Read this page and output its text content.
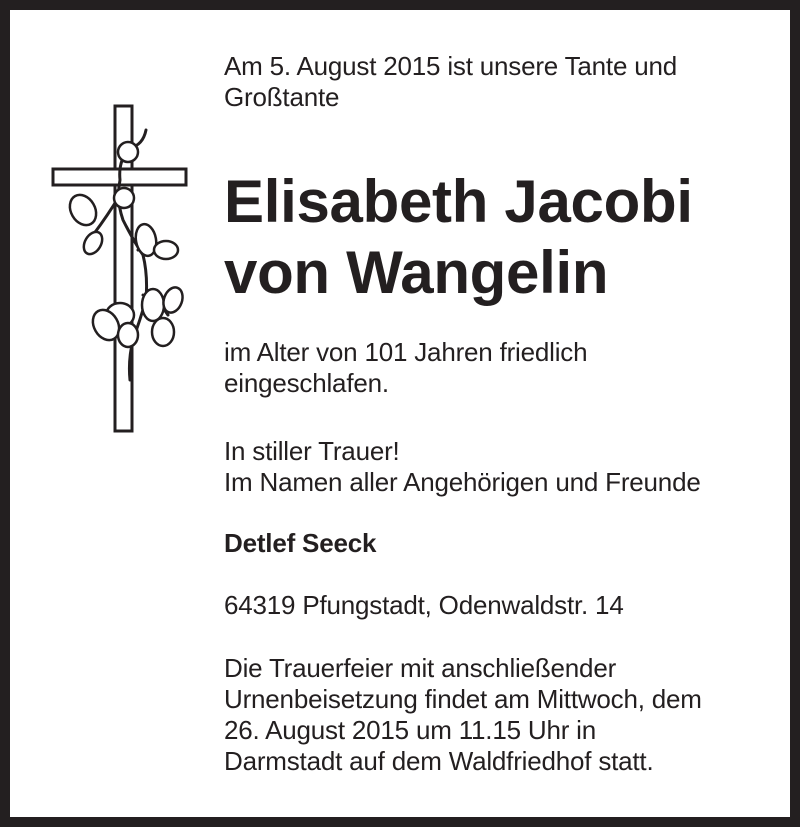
Am 5. August 2015 ist unsere Tante und
Großtante
Elisabeth Jacobi
von Wangelin
im Alter von 101 Jahren friedlich
eingeschlafen.
In stiller Trauer!
Im Namen aller Angehörigen und Freunde
Detlef Seeck
64319 Pfungstadt, Odenwaldstr. 14
Die Trauerfeier mit anschließender
Urnenbeisetzung findet am Mittwoch, dem
26. August 2015 um 11.15 Uhr in
Darmstadt auf dem Waldfriedhof statt.
